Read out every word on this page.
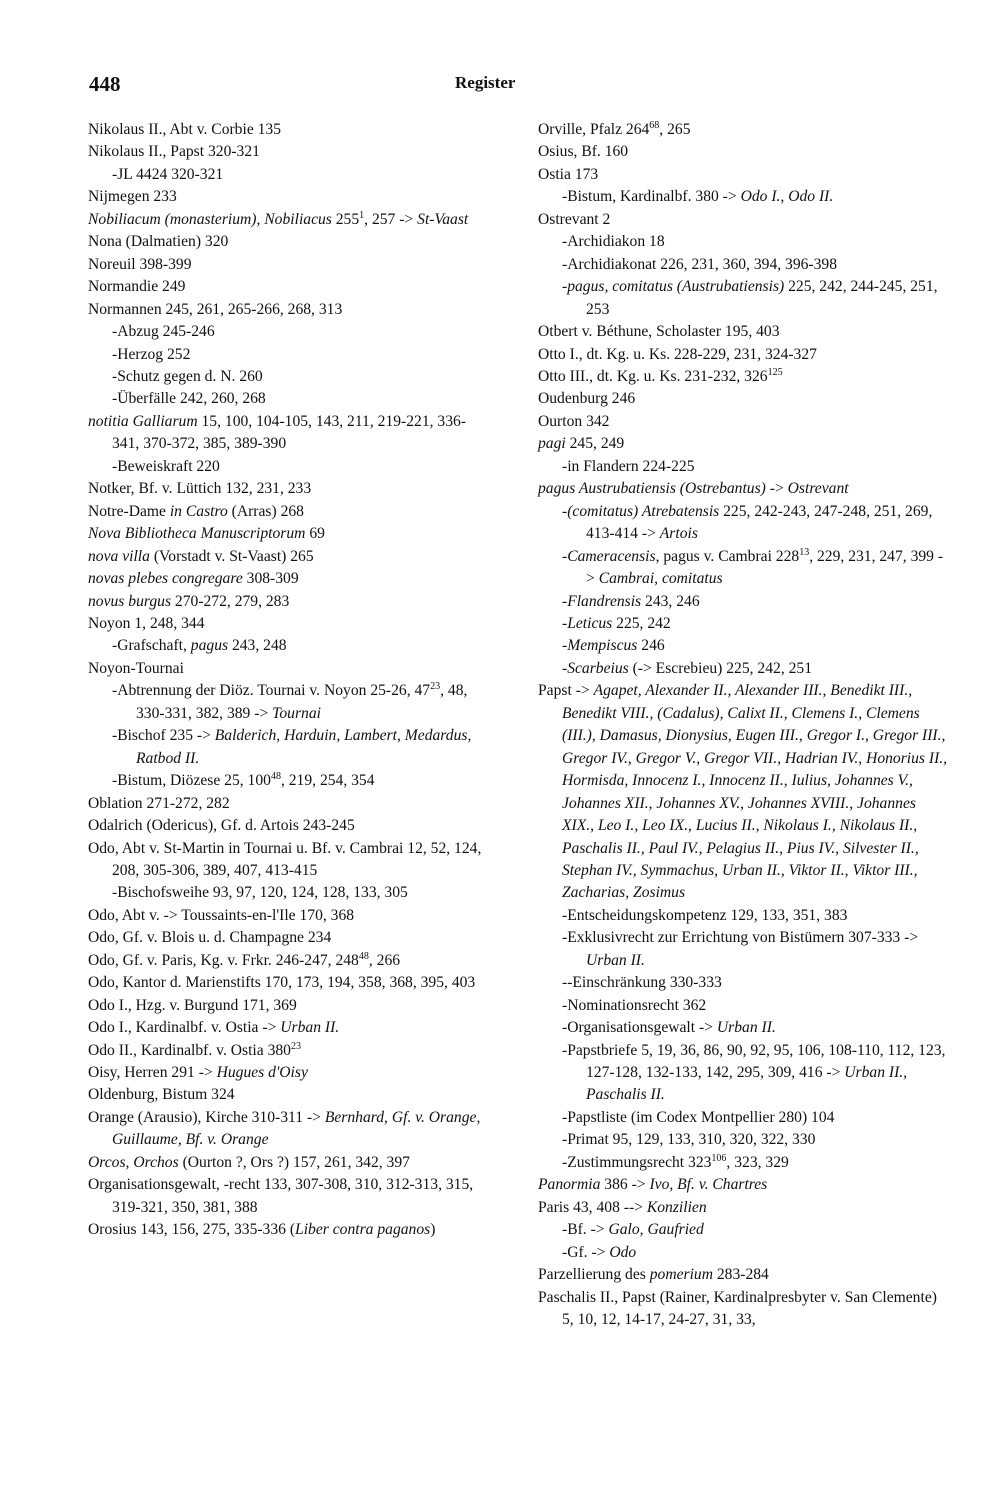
448	Register
Nikolaus II., Abt v. Corbie 135
Nikolaus II., Papst 320-321
-JL 4424 320-321
Nijmegen 233
Nobiliacum (monasterium), Nobiliacus $255^1$, 257 -> St-Vaast
Nona (Dalmatien) 320
Noreuil 398-399
Normandie 249
Normannen 245, 261, 265-266, 268, 313
-Abzug 245-246
-Herzog 252
-Schutz gegen d. N. 260
-Überfälle 242, 260, 268
notitia Galliarum 15, 100, 104-105, 143, 211, 219-221, 336-341, 370-372, 385, 389-390
-Beweiskraft 220
Notker, Bf. v. Lüttich 132, 231, 233
Notre-Dame in Castro (Arras) 268
Nova Bibliotheca Manuscriptorum 69
nova villa (Vorstadt v. St-Vaast) 265
novas plebes congregare 308-309
novus burgus 270-272, 279, 283
Noyon 1, 248, 344
-Grafschaft, pagus 243, 248
Noyon-Tournai
-Abtrennung der Diöz. Tournai v. Noyon 25-26, $47^{23}$, 48, 330-331, 382, 389 -> Tournai
-Bischof 235 -> Balderich, Harduin, Lambert, Medardus, Ratbod II.
-Bistum, Diözese 25, $100^{48}$, 219, 254, 354
Oblation 271-272, 282
Odalrich (Odericus), Gf. d. Artois 243-245
Odo, Abt v. St-Martin in Tournai u. Bf. v. Cambrai 12, 52, 124, 208, 305-306, 389, 407, 413-415
-Bischofsweihe 93, 97, 120, 124, 128, 133, 305
Odo, Abt v. -> Toussaints-en-l'Ile 170, 368
Odo, Gf. v. Blois u. d. Champagne 234
Odo, Gf. v. Paris, Kg. v. Frkr. 246-247, $248^{48}$, 266
Odo, Kantor d. Marienstifts 170, 173, 194, 358, 368, 395, 403
Odo I., Hzg. v. Burgund 171, 369
Odo I., Kardinalbf. v. Ostia -> Urban II.
Odo II., Kardinalbf. v. Ostia $380^{23}$
Oisy, Herren 291 -> Hugues d'Oisy
Oldenburg, Bistum 324
Orange (Arausio), Kirche 310-311 -> Bernhard, Gf. v. Orange, Guillaume, Bf. v. Orange
Orcos, Orchos (Ourton ?, Ors ?) 157, 261, 342, 397
Organisationsgewalt, -recht 133, 307-308, 310, 312-313, 315, 319-321, 350, 381, 388
Orosius 143, 156, 275, 335-336 (Liber contra paganos)
Orville, Pfalz $264^{68}$, 265
Osius, Bf. 160
Ostia 173
-Bistum, Kardinalbf. 380 -> Odo I., Odo II.
Ostrevant 2
-Archidiakon 18
-Archidiakonat 226, 231, 360, 394, 396-398
-pagus, comitatus (Austrubatiensis) 225, 242, 244-245, 251, 253
Otbert v. Béthune, Scholaster 195, 403
Otto I., dt. Kg. u. Ks. 228-229, 231, 324-327
Otto III., dt. Kg. u. Ks. 231-232, $326^{125}$
Oudenburg 246
Ourton 342
pagi 245, 249
-in Flandern 224-225
pagus Austrubatiensis (Ostrebantus) -> Ostrevant
-(comitatus) Atrebatensis 225, 242-243, 247-248, 251, 269, 413-414 -> Artois
-Cameracensis, pagus v. Cambrai $228^{13}$, 229, 231, 247, 399 -> Cambrai, comitatus
-Flandrensis 243, 246
-Leticus 225, 242
-Mempiscus 246
-Scarbeius (-> Escrebieu) 225, 242, 251
Papst -> Agapet, Alexander II., Alexander III., Benedikt III., Benedikt VIII., (Cadalus), Calixt II., Clemens I., Clemens (III.), Damasus, Dionysius, Eugen III., Gregor I., Gregor III., Gregor IV., Gregor V., Gregor VII., Hadrian IV., Honorius II., Hormisda, Innocenz I., Innocenz II., Iulius, Johannes V., Johannes XII., Johannes XV., Johannes XVIII., Johannes XIX., Leo I., Leo IX., Lucius II., Nikolaus I., Nikolaus II., Paschalis II., Paul IV., Pelagius II., Pius IV., Silvester II., Stephan IV., Symmachus, Urban II., Viktor II., Viktor III., Zacharias, Zosimus
-Entscheidungskompetenz 129, 133, 351, 383
-Exklusivrecht zur Errichtung von Bistümern 307-333 -> Urban II.
--Einschränkung 330-333
-Nominationsrecht 362
-Organisationsgewalt -> Urban II.
-Papstbriefe 5, 19, 36, 86, 90, 92, 95, 106, 108-110, 112, 123, 127-128, 132-133, 142, 295, 309, 416 -> Urban II., Paschalis II.
-Papstliste (im Codex Montpellier 280) 104
-Primat 95, 129, 133, 310, 320, 322, 330
-Zustimmungsrecht $323^{106}$, 323, 329
Panormia 386 -> Ivo, Bf. v. Chartres
Paris 43, 408 --> Konzilien
-Bf. -> Galo, Gaufried
-Gf. -> Odo
Parzellierung des pomerium 283-284
Paschalis II., Papst (Rainer, Kardinalpresbyter v. San Clemente) 5, 10, 12, 14-17, 24-27, 31, 33,
